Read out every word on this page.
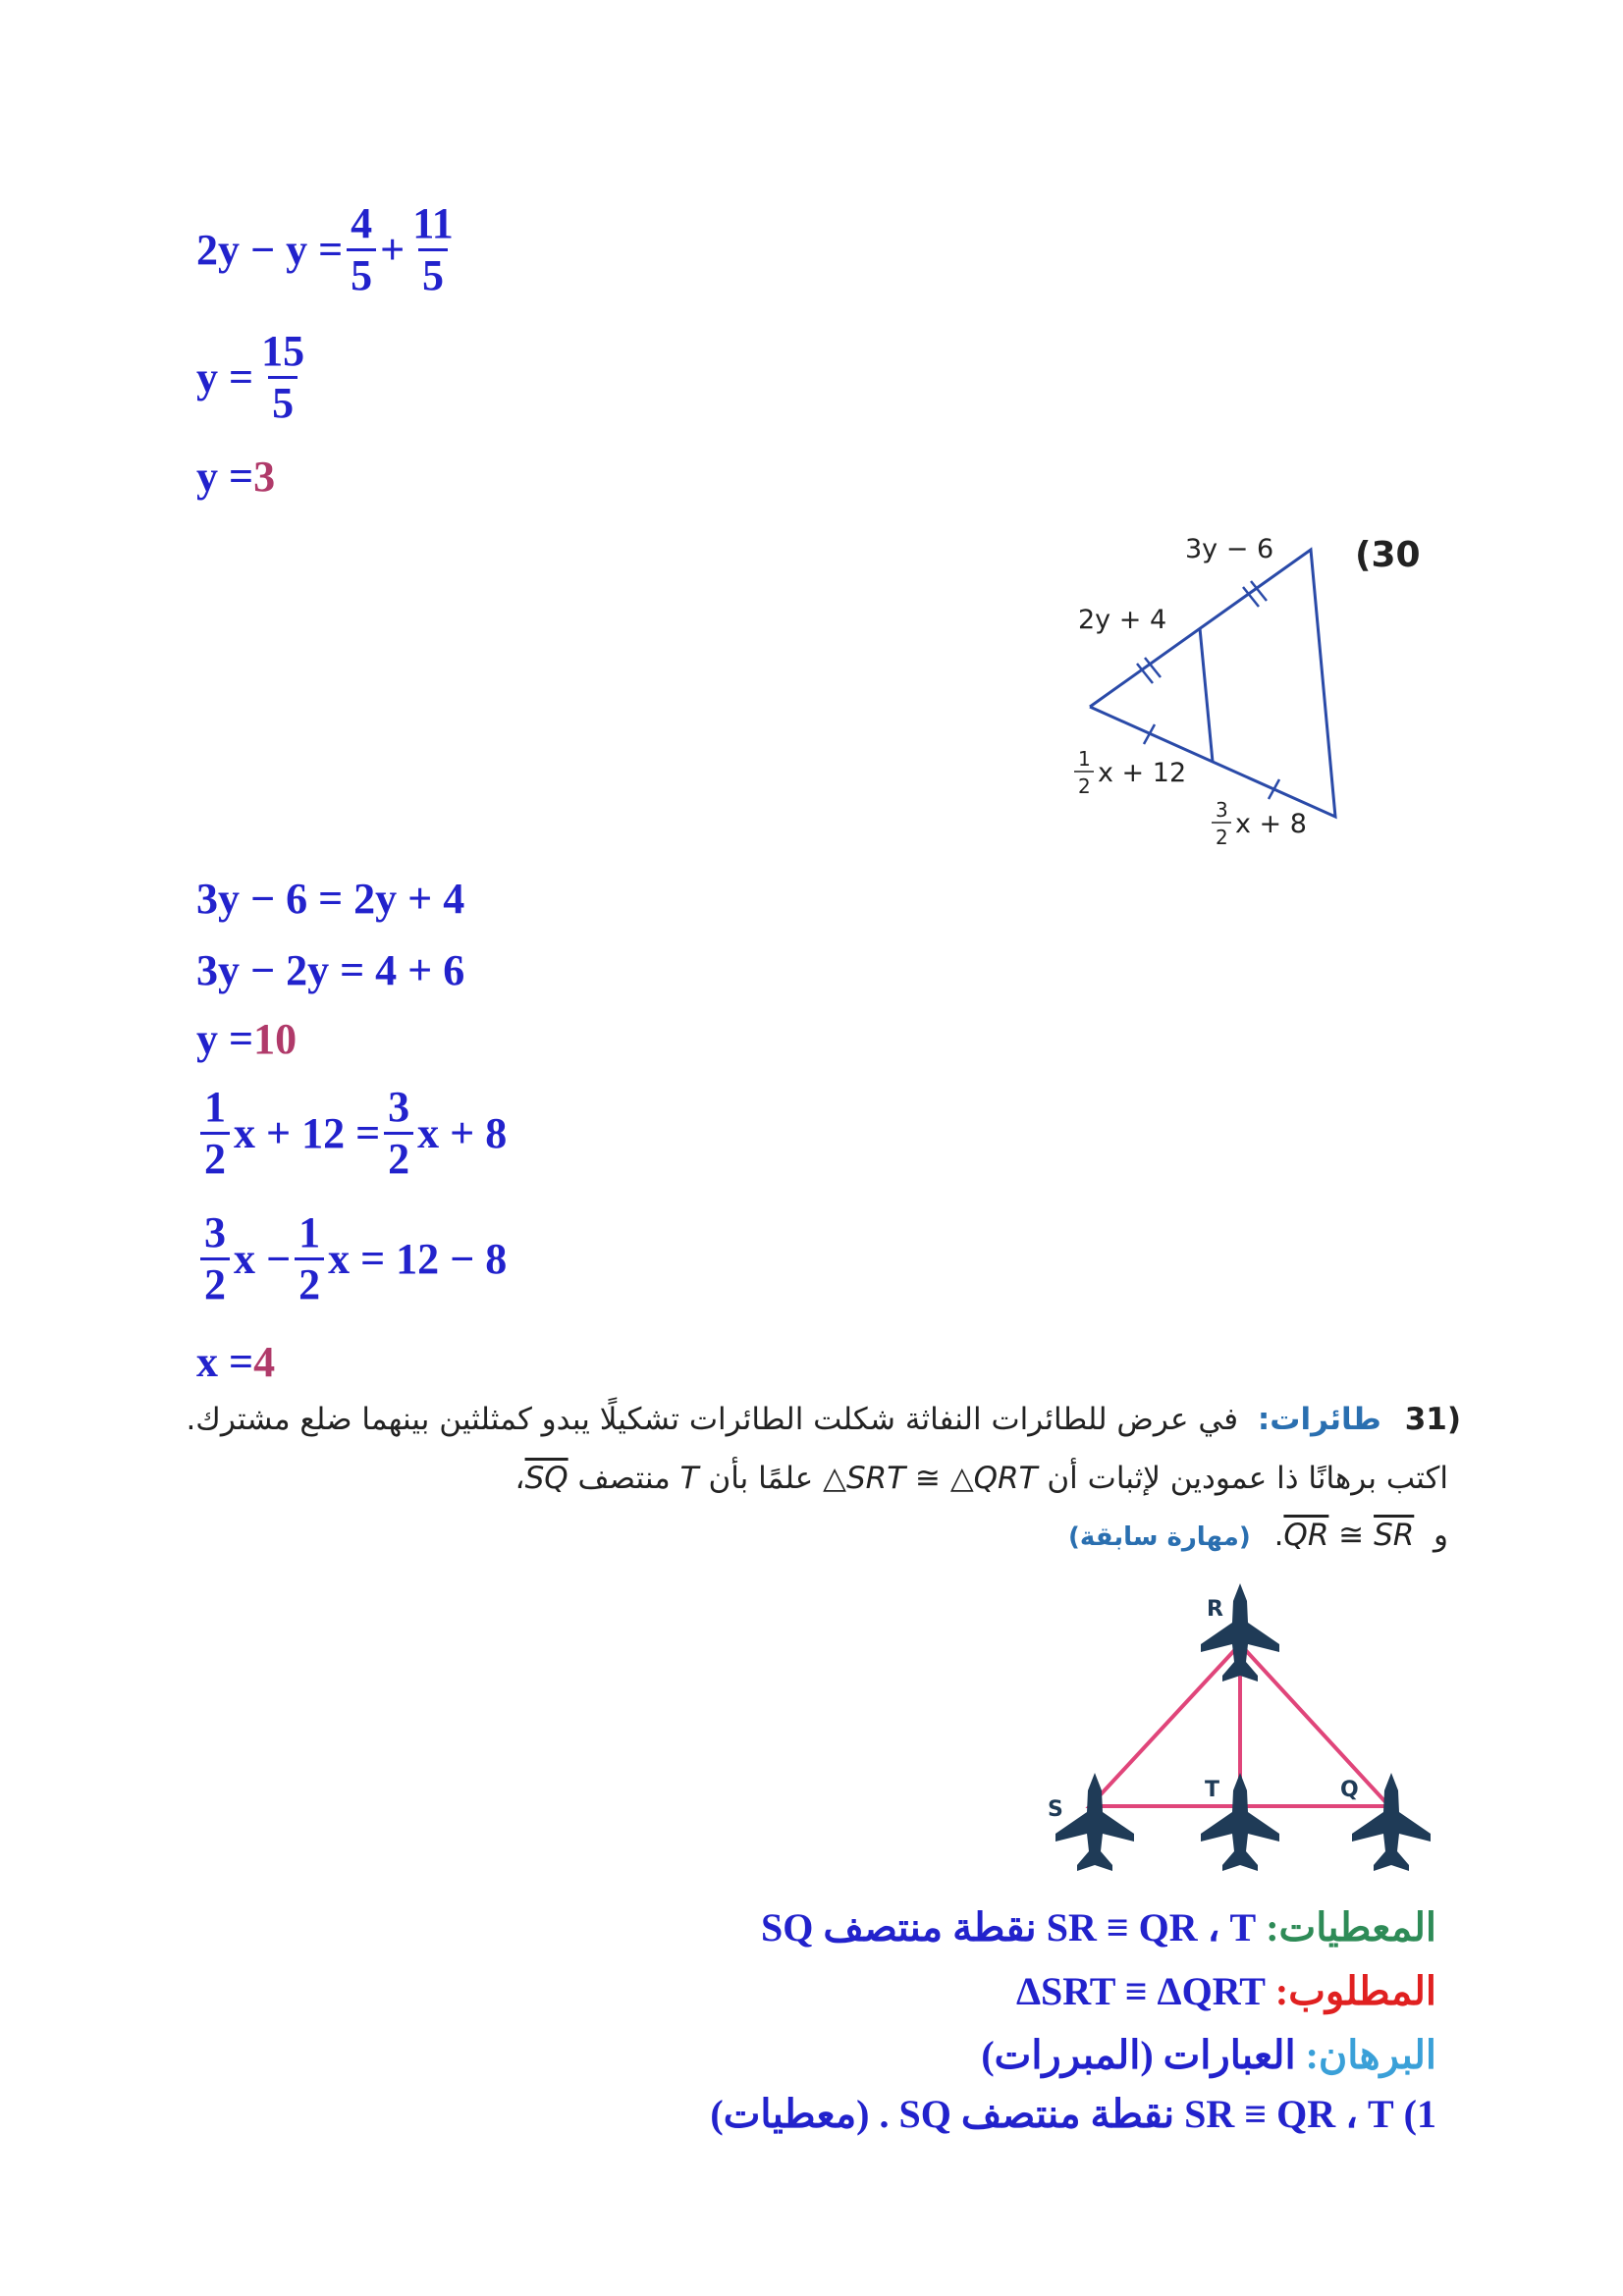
$2y - y = \frac{4}{5} + \frac{11}{5}$
$y = \frac{15}{5}$
y = 3
(30
3y − 6
2y + 4
1
2 x + 12
3
2 x + 8
3y − 6 = 2y + 4
3y − 2y = 4 + 6
y = 10
$\frac{1}{2}$ $x + 12 = \frac{3}{2}$ x + 8
$\frac{3}{2}$ $x - \frac{1}{2}$ x = 12 − 8
x = 4
31) طائرات: في عرض للطائرات النفاثة شكلت الطائرات تشكيلًا يبدو كمثلثين بينهما ضلع مشترك.
اكتب برهانًا ذا عمودين لإثبات أن △SRT ≅ △QRT علمًا بأن T منتصف SQ،
و $\overline{QR}$ ≅ $\overline{SR}$ . (مهارة سابقة)
R
S
T	Q
المعطيات: SR ≡ QR ، T نقطة منتصف SQ
المطلوب: ΔSRT ≡ ΔQRT
البرهان: العبارات (المبررات)
1) SR ≡ QR ، T نقطة منتصف SQ . (معطيات)
